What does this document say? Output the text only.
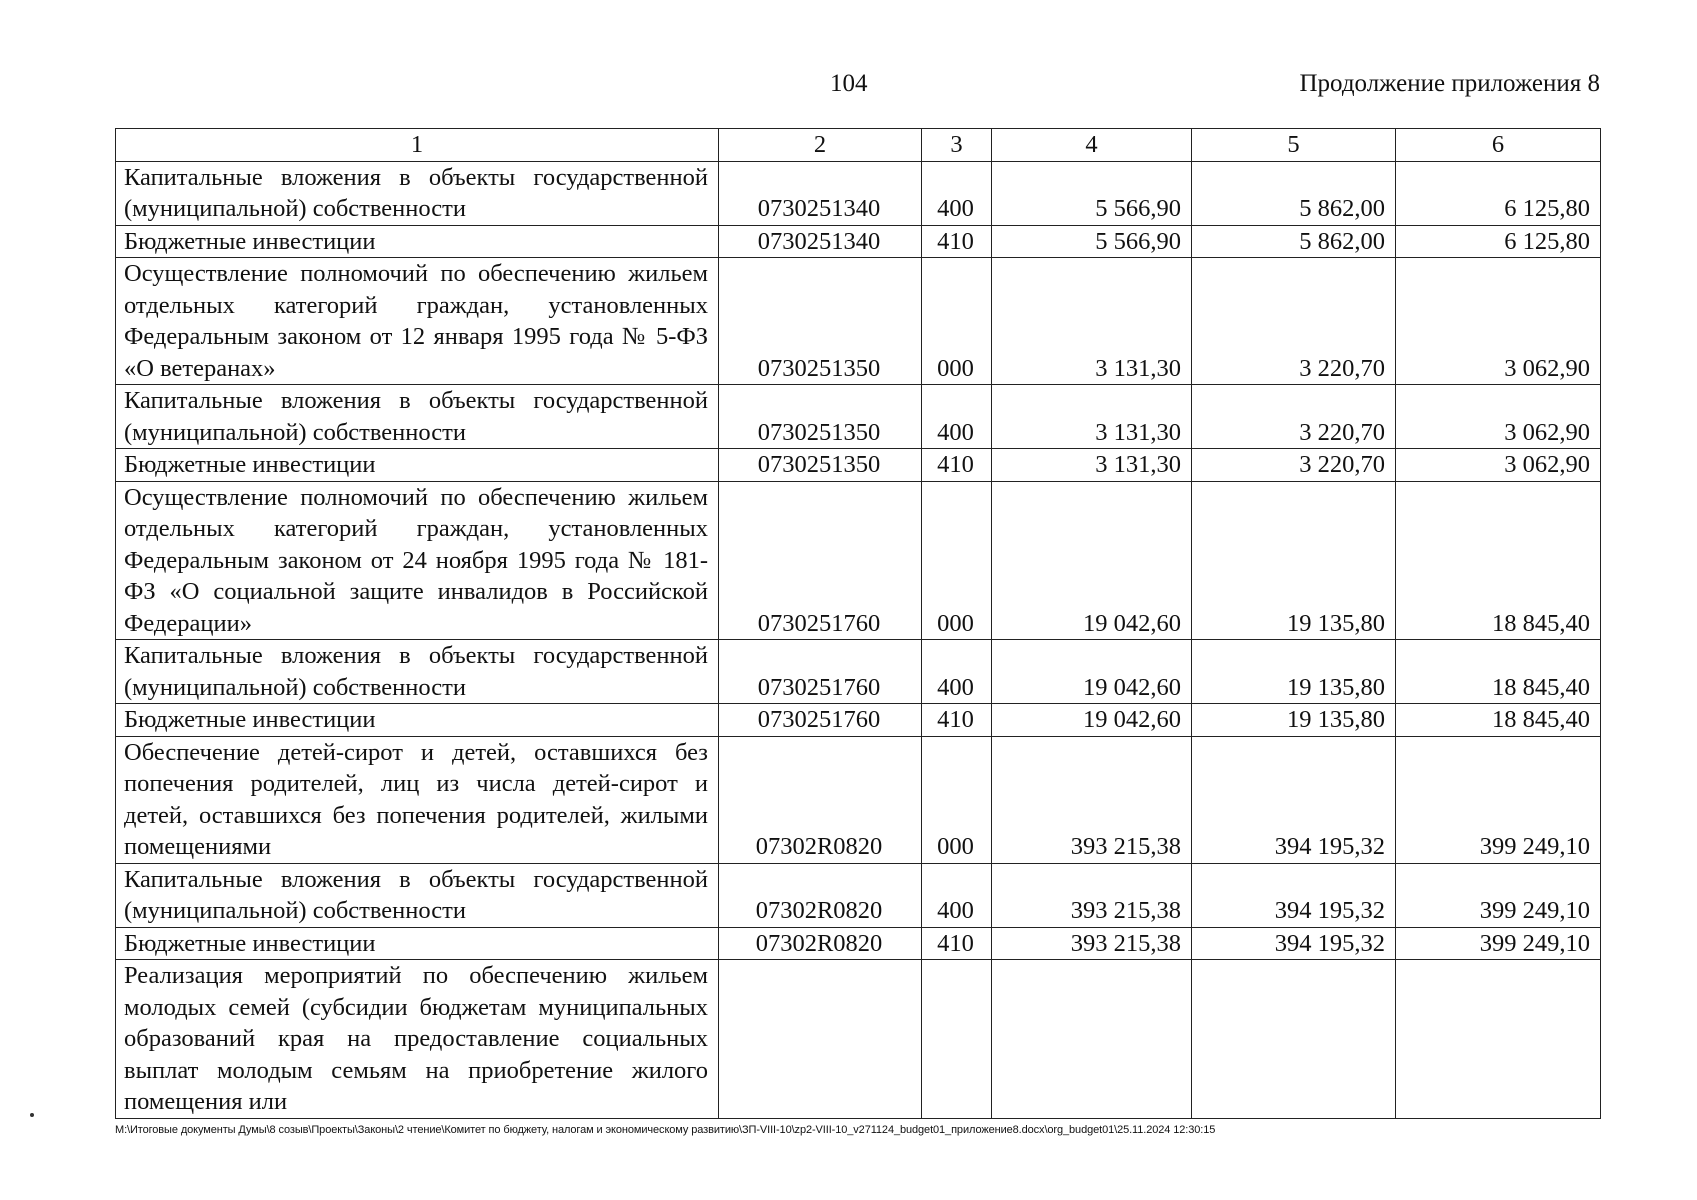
104	Продолжение приложения 8
1	2	3	4	5	6
Капитальные вложения в объекты государственной (муниципальной) собственности	0730251340	400	5 566,90	5 862,00	6 125,80
Бюджетные инвестиции	0730251340	410	5 566,90	5 862,00	6 125,80
Осуществление полномочий по обеспечению жильем отдельных категорий граждан, установленных Федеральным законом от 12 января 1995 года № 5-ФЗ «О ветеранах»	0730251350	000	3 131,30	3 220,70	3 062,90
Капитальные вложения в объекты государственной (муниципальной) собственности	0730251350	400	3 131,30	3 220,70	3 062,90
Бюджетные инвестиции	0730251350	410	3 131,30	3 220,70	3 062,90
Осуществление полномочий по обеспечению жильем отдельных категорий граждан, установленных Федеральным законом от 24 ноября 1995 года № 181-ФЗ «О социальной защите инвалидов в Российской Федерации»	0730251760	000	19 042,60	19 135,80	18 845,40
Капитальные вложения в объекты государственной (муниципальной) собственности	0730251760	400	19 042,60	19 135,80	18 845,40
Бюджетные инвестиции	0730251760	410	19 042,60	19 135,80	18 845,40
Обеспечение детей-сирот и детей, оставшихся без попечения родителей, лиц из числа детей-сирот и детей, оставшихся без попечения родителей, жилыми помещениями	07302R0820	000	393 215,38	394 195,32	399 249,10
Капитальные вложения в объекты государственной (муниципальной) собственности	07302R0820	400	393 215,38	394 195,32	399 249,10
Бюджетные инвестиции	07302R0820	410	393 215,38	394 195,32	399 249,10
Реализация мероприятий по обеспечению жильем молодых семей (субсидии бюджетам муниципальных образований края на предоставление социальных выплат молодым семьям на приобретение жилого помещения или					
M:\Итоговые документы Думы\8 созыв\Проекты\Законы\2 чтение\Комитет по бюджету, налогам и экономическому развитию\ЗП-VIII-10\zp2-VIII-10_v271124_budget01_приложение8.docx\org_budget01\25.11.2024 12:30:15
